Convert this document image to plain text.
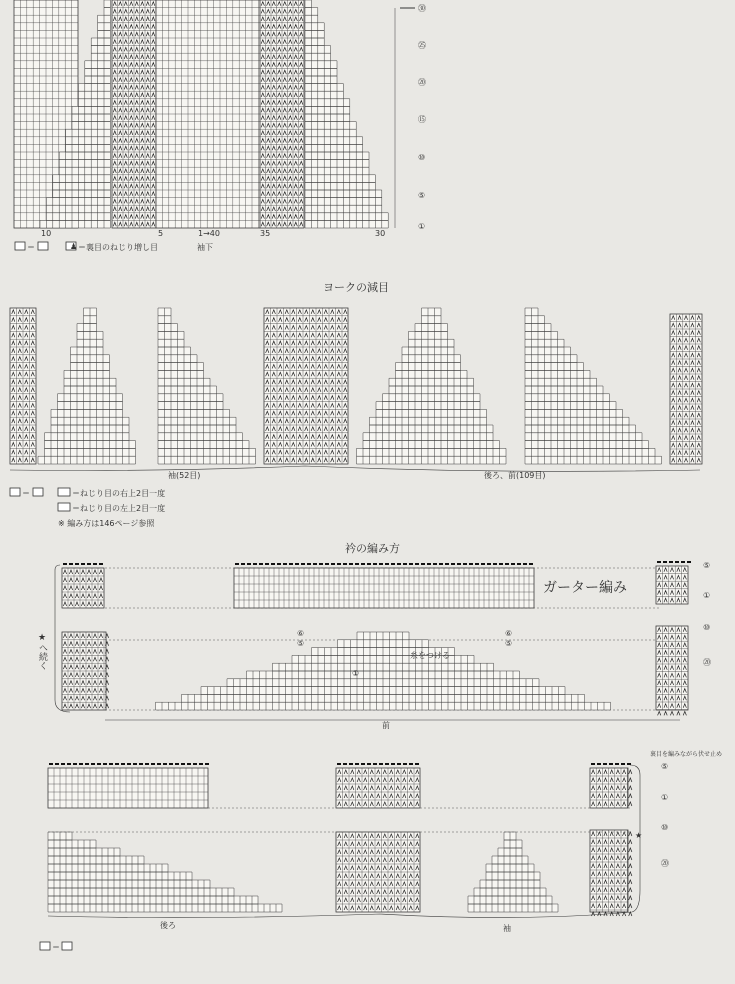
㉚
㉕
⑳
⑮
⑩
⑤
①
10	5	1→40	35	30
＝	♟ ＝裏目のねじり増し目	袖下
ヨークの減目
袖(52目)	後ろ、前(109目)
＝	＝ねじり目の右上2目一度
＝ねじり目の左上2目一度
※ 編み方は146ページ参照
衿の編み方
ガーター編み
糸をつける
前
後ろ	袖
裏目を編みながら伏せ止め
★
★へ続く
＝
⑥
⑤
⑥
⑤
①
⑤
①
⑩
⑳
⑤
①
⑩
⑳
